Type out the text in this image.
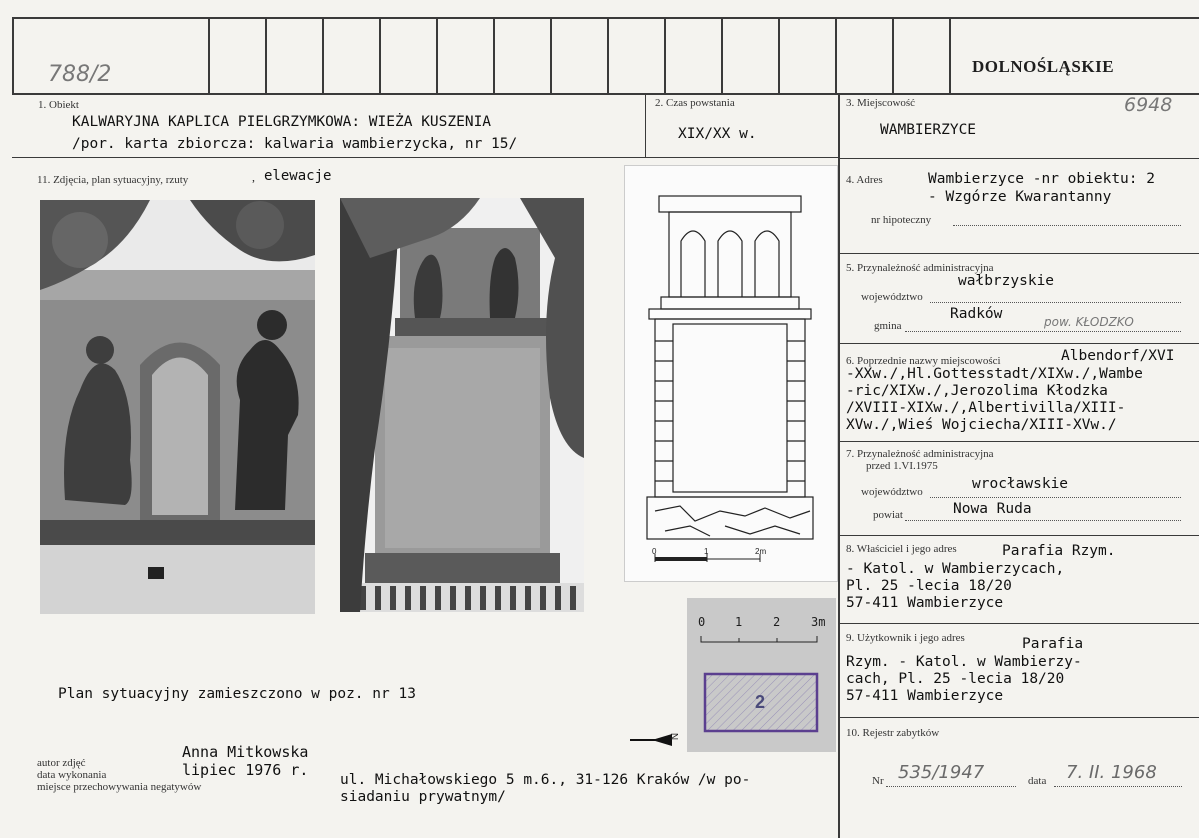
788/2	DOLNOŚLĄSKIE
1. Obiekt
KALWARYJNA KAPLICA PIELGRZYMKOWA: WIEŻA KUSZENIA
/por. karta zbiorcza: kalwaria wambierzycka, nr 15/
2. Czas powstania
XIX/XX w.
3. Miejscowość
WAMBIERZYCE
6948
4. Adres	Wambierzyce -nr obiektu: 2
- Wzgórze Kwarantanny
nr hipoteczny
5. Przynależność administracyjna
województwo
wałbrzyskie
gmina
Radków	pow. KŁODZKO
6. Poprzednie nazwy miejscowości	Albendorf/XVI
-XXw./,Hl.Gottesstadt/XIXw./,Wambe
-ric/XIXw./,Jerozolima Kłodzka
/XVIII-XIXw./,Albertivilla/XIII-
XVw./,Wieś Wojciecha/XIII-XVw./
7. Przynależność administracyjna
przed 1.VI.1975
województwo	wrocławskie
powiat	Nowa Ruda
8. Właściciel i jego adres	Parafia Rzym.
- Katol. w Wambierzycach,
Pl. 25 -lecia 18/20
57-411 Wambierzyce
9. Użytkownik i jego adres	Parafia
Rzym. - Katol. w Wambierzy-
cach, Pl. 25 -lecia 18/20
57-411 Wambierzyce
10. Rejestr zabytków
Nr 535/1947	data 7. II. 1968
11. Zdjęcia, plan sytuacyjny, rzuty	, elewacje
0	1	2m
0 1	2	3m
2
N
Plan sytuacyjny zamieszczono w poz. nr 13
autor zdjęć
data wykonania
miejsce przechowywania negatywów
Anna Mitkowska
lipiec 1976 r.
ul. Michałowskiego 5 m.6., 31-126 Kraków /w po-
siadaniu prywatnym/
